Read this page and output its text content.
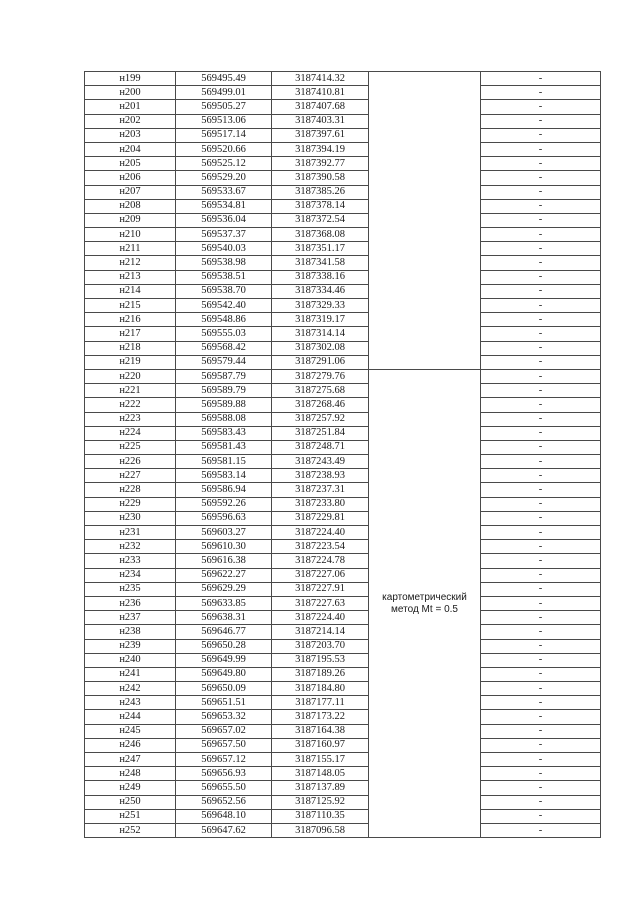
н199	569495.49	3187414.32		-
н200	569499.01	3187410.81		-
н201	569505.27	3187407.68		-
н202	569513.06	3187403.31		-
н203	569517.14	3187397.61		-
н204	569520.66	3187394.19		-
н205	569525.12	3187392.77		-
н206	569529.20	3187390.58		-
н207	569533.67	3187385.26		-
н208	569534.81	3187378.14		-
н209	569536.04	3187372.54		-
н210	569537.37	3187368.08		-
н211	569540.03	3187351.17		-
н212	569538.98	3187341.58		-
н213	569538.51	3187338.16		-
н214	569538.70	3187334.46		-
н215	569542.40	3187329.33		-
н216	569548.86	3187319.17		-
н217	569555.03	3187314.14		-
н218	569568.42	3187302.08		-
н219	569579.44	3187291.06		-
н220	569587.79	3187279.76	картометрический метод Mt = 0.5	-
н221	569589.79	3187275.68		-
н222	569589.88	3187268.46		-
н223	569588.08	3187257.92		-
н224	569583.43	3187251.84		-
н225	569581.43	3187248.71		-
н226	569581.15	3187243.49		-
н227	569583.14	3187238.93		-
н228	569586.94	3187237.31		-
н229	569592.26	3187233.80		-
н230	569596.63	3187229.81		-
н231	569603.27	3187224.40		-
н232	569610.30	3187223.54		-
н233	569616.38	3187224.78		-
н234	569622.27	3187227.06		-
н235	569629.29	3187227.91		-
н236	569633.85	3187227.63		-
н237	569638.31	3187224.40		-
н238	569646.77	3187214.14		-
н239	569650.28	3187203.70		-
н240	569649.99	3187195.53		-
н241	569649.80	3187189.26		-
н242	569650.09	3187184.80		-
н243	569651.51	3187177.11		-
н244	569653.32	3187173.22		-
н245	569657.02	3187164.38		-
н246	569657.50	3187160.97		-
н247	569657.12	3187155.17		-
н248	569656.93	3187148.05		-
н249	569655.50	3187137.89		-
н250	569652.56	3187125.92		-
н251	569648.10	3187110.35		-
н252	569647.62	3187096.58		-
